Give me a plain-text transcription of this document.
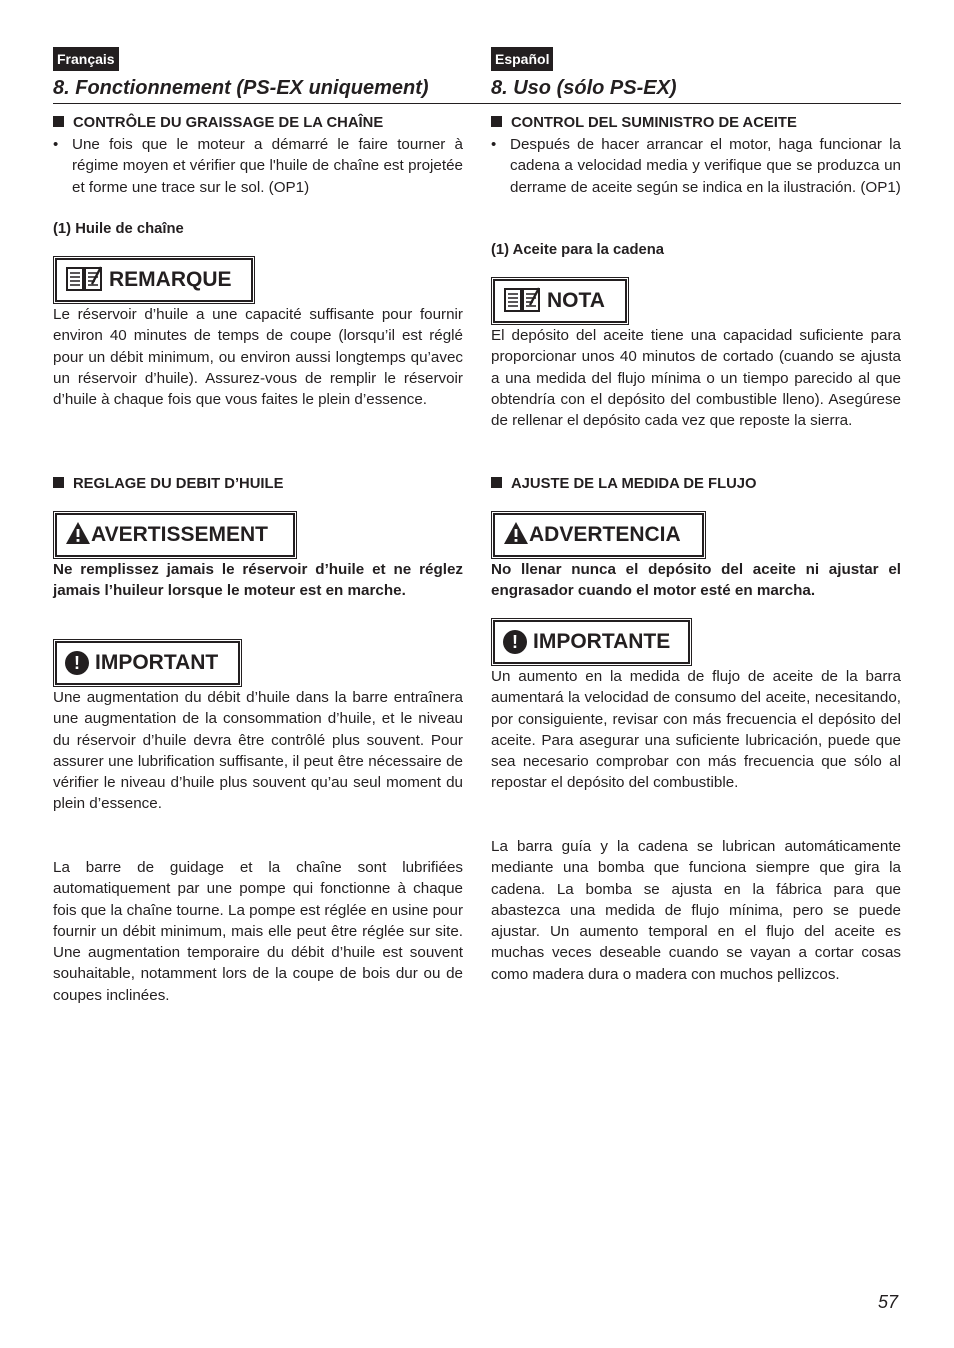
Français
8. Fonctionnement (PS-EX uniquement)
CONTRÔLE DU GRAISSAGE DE LA CHAÎNE
• Une fois que le moteur a démarré le faire tourner à régime moyen et vérifier que l'huile de chaîne est projetée et forme une trace sur le sol. (OP1)
(1) Huile de chaîne
REMARQUE
Le réservoir d’huile a une capacité suffisante pour fournir environ 40 minutes de temps de coupe (lorsqu’il est réglé pour un débit minimum, ou environ aussi longtemps qu’avec un réservoir d’huile). Assurez-vous de remplir le réservoir d’huile à chaque fois que vous faites le plein d’essence.
REGLAGE DU DEBIT D’HUILE
AVERTISSEMENT
Ne remplissez jamais le réservoir d’huile et ne réglez jamais l’huileur lorsque le moteur est en marche.
! IMPORTANT
Une augmentation du débit d’huile dans la barre entraînera une augmentation de la consommation d’huile, et le niveau du réservoir d’huile devra être contrôlé plus souvent. Pour assurer une lubrification suffisante, il peut être nécessaire de vérifier le niveau d’huile plus souvent qu’au seul moment du plein d’essence.
La barre de guidage et la chaîne sont lubrifiées automatiquement par une pompe qui fonctionne à chaque fois que la chaîne tourne. La pompe est réglée en usine pour fournir un débit minimum, mais elle peut être réglée sur site. Une augmentation temporaire du débit d’huile est souvent souhaitable, notamment lors de la coupe de bois dur ou de coupes inclinées.
Español
8. Uso (sólo PS-EX)
CONTROL DEL SUMINISTRO DE ACEITE
• Después de hacer arrancar el motor, haga funcionar la cadena a velocidad media y verifique que se produzca un derrame de aceite según se indica en la ilustración. (OP1)
(1) Aceite para la cadena
NOTA
El depósito del aceite tiene una capacidad suficiente para proporcionar unos 40 minutos de cortado (cuando se ajusta a una medida del flujo mínima o un tiempo parecido al que obtendría con el depósito del combustible lleno). Asegúrese de rellenar el depósito cada vez que reposte la sierra.
AJUSTE DE LA MEDIDA DE FLUJO
ADVERTENCIA
No llenar nunca el depósito del aceite ni ajustar el engrasador cuando el motor esté en marcha.
! IMPORTANTE
Un aumento en la medida de flujo de aceite de la barra aumentará la velocidad de consumo del aceite, necesitando, por consiguiente, revisar con más frecuencia el depósito del aceite. Para asegurar una suficiente lubricación, puede que sea necesario comprobar con más frecuencia que sólo al repostar el depósito del combustible.
La barra guía y la cadena se lubrican automáticamente mediante una bomba que funciona siempre que gira la cadena. La bomba se ajusta en la fábrica para que abastezca una medida de flujo mínima, pero se puede ajustar. Un aumento temporal en el flujo del aceite es muchas veces deseable cuando se vayan a cortar cosas como madera dura o madera con muchos pellizcos.
57
